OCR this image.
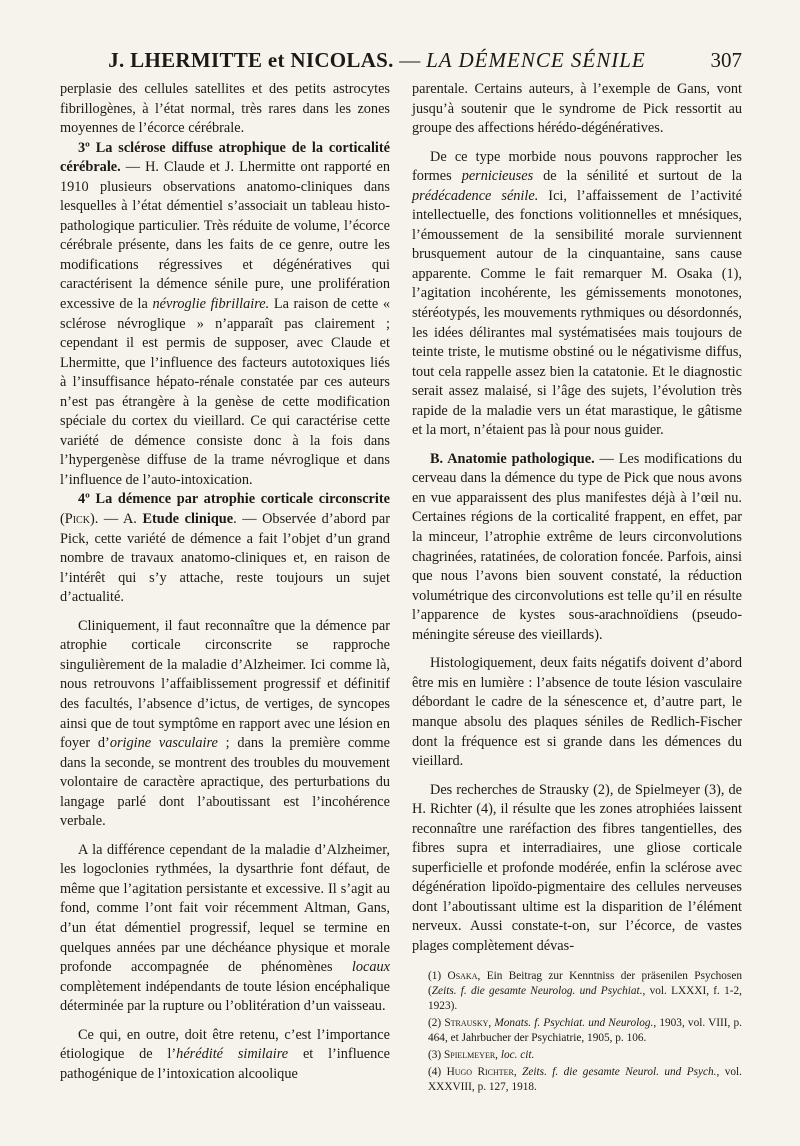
J. LHERMITTE et NICOLAS. — LA DÉMENCE SÉNILE	307

perplasie des cellules satellites et des petits astrocytes fibrillogènes, à l’état normal, très rares dans les zones moyennes de l’écorce cérébrale.

3º La sclérose diffuse atrophique de la corticalité cérébrale. — H. Claude et J. Lhermitte ont rapporté en 1910 plusieurs observations anatomo-cliniques dans lesquelles à l’état démentiel s’associait un tableau histo-pathologique particulier. Très réduite de volume, l’écorce cérébrale présente, dans les faits de ce genre, outre les modifications régressives et dégénératives qui caractérisent la démence sénile pure, une prolifération excessive de la névroglie fibrillaire. La raison de cette « sclérose névroglique » n’apparaît pas clairement ; cependant il est permis de supposer, avec Claude et Lhermitte, que l’influence des facteurs autotoxiques liés à l’insuffisance hépato-rénale constatée par ces auteurs n’est pas étrangère à la genèse de cette modification spéciale du cortex du vieillard. Ce qui caractérise cette variété de démence consiste donc à la fois dans l’hypergenèse diffuse de la trame névroglique et dans l’influence de l’auto-intoxication.

4º La démence par atrophie corticale circonscrite (Pick). — A. Etude clinique. — Observée d’abord par Pick, cette variété de démence a fait l’objet d’un grand nombre de travaux anatomo-cliniques et, en raison de l’intérêt qui s’y attache, reste toujours un sujet d’actualité.

Cliniquement, il faut reconnaître que la démence par atrophie corticale circonscrite se rapproche singulièrement de la maladie d’Alzheimer. Ici comme là, nous retrouvons l’affaiblissement progressif et définitif des facultés, l’absence d’ictus, de vertiges, de syncopes ainsi que de tout symptôme en rapport avec une lésion en foyer d’origine vasculaire ; dans la première comme dans la seconde, se montrent des troubles du mouvement volontaire de caractère apractique, des perturbations du langage parlé dont l’aboutissant est l’incohérence verbale.

A la différence cependant de la maladie d’Alzheimer, les logoclonies rythmées, la dysarthrie font défaut, de même que l’agitation persistante et excessive. Il s’agit au fond, comme l’ont fait voir récemment Altman, Gans, d’un état démentiel progressif, lequel se termine en quelques années par une déchéance physique et morale profonde accompagnée de phénomènes locaux complètement indépendants de toute lésion encéphalique déterminée par la rupture ou l’oblitération d’un vaisseau.

Ce qui, en outre, doit être retenu, c’est l’importance étiologique de l’hérédité similaire et l’influence pathogénique de l’intoxication alcoolique

parentale. Certains auteurs, à l’exemple de Gans, vont jusqu’à soutenir que le syndrome de Pick ressortit au groupe des affections hérédo-dégénératives.

De ce type morbide nous pouvons rapprocher les formes pernicieuses de la sénilité et surtout de la prédécadence sénile. Ici, l’affaissement de l’activité intellectuelle, des fonctions volitionnelles et mnésiques, l’émoussement de la sensibilité morale surviennent brusquement autour de la cinquantaine, sans cause apparente. Comme le fait remarquer M. Osaka (1), l’agitation incohérente, les gémissements monotones, stéréotypés, les mouvements rythmiques ou désordonnés, les idées délirantes mal systématisées mais toujours de teinte triste, le mutisme obstiné ou le négativisme diffus, tout cela rappelle assez bien la catatonie. Et le diagnostic serait assez malaisé, si l’âge des sujets, l’évolution très rapide de la maladie vers un état marastique, le gâtisme et la mort, n’étaient pas là pour nous guider.

B. Anatomie pathologique. — Les modifications du cerveau dans la démence du type de Pick que nous avons en vue apparaissent des plus manifestes déjà à l’œil nu. Certaines régions de la corticalité frappent, en effet, par la minceur, l’atrophie extrême de leurs circonvolutions chagrinées, ratatinées, de coloration foncée. Parfois, ainsi que nous l’avons bien souvent constaté, la réduction volumétrique des circonvolutions est telle qu’il en résulte l’apparence de kystes sous-arachnoïdiens (pseudo-méningite séreuse des vieillards).

Histologiquement, deux faits négatifs doivent d’abord être mis en lumière : l’absence de toute lésion vasculaire débordant le cadre de la sénescence et, d’autre part, le manque absolu des plaques séniles de Redlich-Fischer dont la fréquence est si grande dans les démences du vieillard.

Des recherches de Strausky (2), de Spielmeyer (3), de H. Richter (4), il résulte que les zones atrophiées laissent reconnaître une raréfaction des fibres tangentielles, des fibres supra et interradiaires, une gliose corticale superficielle et profonde modérée, enfin la sclérose avec dégénération lipoïdo-pigmentaire des cellules nerveuses dont l’aboutissant ultime est la disparition de l’élément nerveux. Aussi constate-t-on, sur l’écorce, de vastes plages complètement dévas-

(1) Osaka, Ein Beitrag zur Kenntniss der präsenilen Psychosen (Zeits. f. die gesamte Neurolog. und Psychiat., vol. LXXXI, f. 1-2, 1923).

(2) Strausky, Monats. f. Psychiat. und Neurolog., 1903, vol. VIII, p. 464, et Jahrbucher der Psychiatrie, 1905, p. 106.

(3) Spielmeyer, loc. cit.

(4) Hugo Richter, Zeits. f. die gesamte Neurol. und Psych., vol. XXXVIII, p. 127, 1918.
